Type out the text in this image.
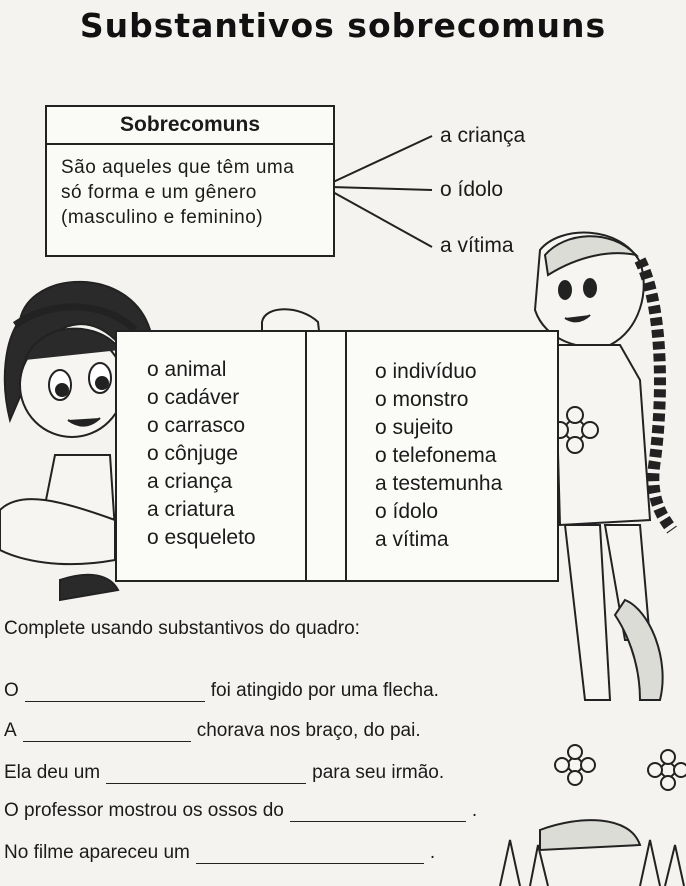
Substantivos sobrecomuns
Sobrecomuns
São aqueles que têm uma
só forma e um gênero
(masculino e feminino)
a criança
o ídolo
a vítima
o animal
o cadáver
o carrasco
o cônjuge
a criança
a criatura
o esqueleto
o indivíduo
o monstro
o sujeito
o telefonema
a testemunha
o ídolo
a vítima
Complete usando substantivos do quadro:
O	foi atingido por uma flecha.
A	chorava nos braço, do pai.
Ela deu um	para seu irmão.
O professor mostrou os ossos do	.
No filme apareceu um	.
